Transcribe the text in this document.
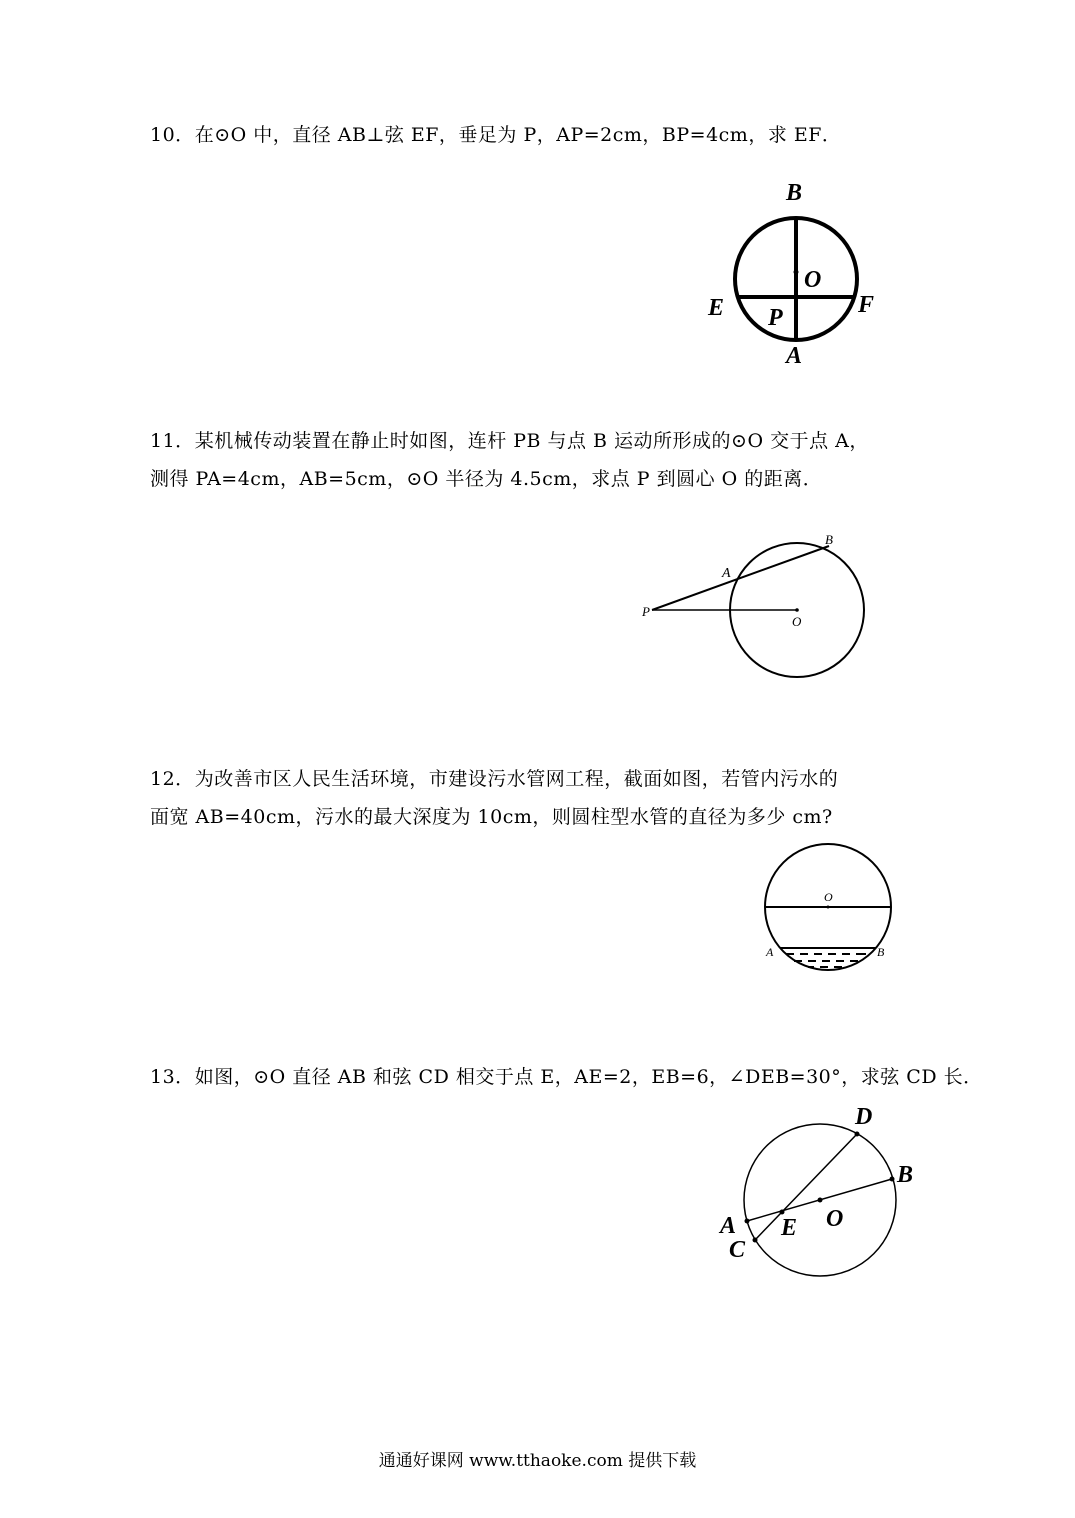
10．在⊙O 中，直径 AB⊥弦 EF，垂足为 P，AP=2cm，BP=4cm，求 EF．
B
O
E	F
P
A
11．某机械传动装置在静止时如图，连杆 PB 与点 B 运动所形成的⊙O 交于点 A，
测得 PA=4cm，AB=5cm，⊙O 半径为 4.5cm，求点 P 到圆心 O 的距离．
A
B
P
O
12．为改善市区人民生活环境，市建设污水管网工程，截面如图，若管内污水的
面宽 AB=40cm，污水的最大深度为 10cm，则圆柱型水管的直径为多少 cm?
O
A	B
13．如图，⊙O 直径 AB 和弦 CD 相交于点 E，AE=2，EB=6，∠DEB=30°，求弦 CD 长．
D
B
A E O
C
通通好课网 www.tthaoke.com 提供下载
